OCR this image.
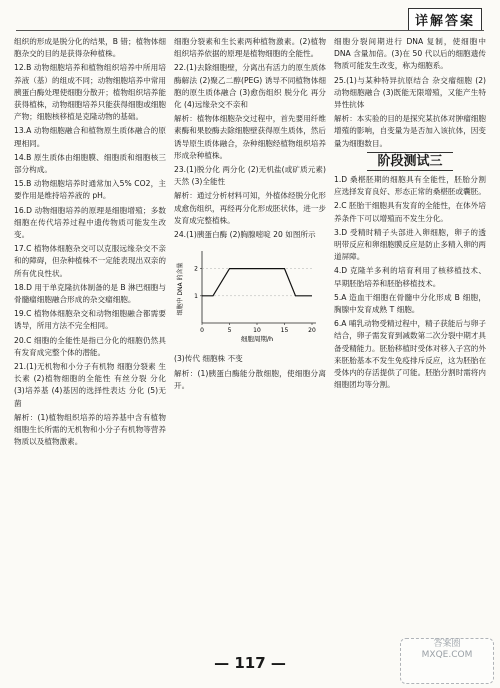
详解答案

组织的形成是脱分化的结果，B 错；植物体细胞杂交的目的是获得杂种植株。

12.B 动物细胞培养和植物组织培养中所用培养液（基）的组成不同；动物细胞培养中常用胰蛋白酶处理使细胞分散开；植物组织培养能获得植株，动物细胞培养只能获得细胞或细胞产物；细胞核移植是克隆动物的基础。

13.A 动物细胞融合和植物原生质体融合的原理相同。

14.B 原生质体由细胞膜、细胞质和细胞核三部分构成。

15.B 动物细胞培养时通常加入5% CO2，主要作用是维持培养液的 pH。

16.D 动物细胞培养的原理是细胞增殖；多数细胞在传代培养过程中遗传物质可能发生改变。

17.C 植物体细胞杂交可以克服远缘杂交不亲和的障碍，但杂种植株不一定能表现出双亲的所有优良性状。

18.D 用于单克隆抗体制备的是 B 淋巴细胞与骨髓瘤细胞融合形成的杂交瘤细胞。

19.C 植物体细胞杂交和动物细胞融合都需要诱导，所用方法不完全相同。

20.C 细胞的全能性是指已分化的细胞仍然具有发育成完整个体的潜能。

21.(1)无机物和小分子有机物 细胞分裂素 生长素 (2)植物细胞的全能性 有丝分裂 分化 (3)培养基 (4)基因的选择性表达 分化 (5)无菌

解析：(1)植物组织培养的培养基中含有植物细胞生长所需的无机物和小分子有机物等营养物质以及植物激素。

细胞分裂素和生长素两种植物激素。(2)植物组织培养依据的原理是植物细胞的全能性。

22.(1)去除细胞壁，分离出有活力的原生质体 酶解法 (2)聚乙二醇(PEG) 诱导不同植物体细胞的原生质体融合 (3)愈伤组织 脱分化 再分化 (4)远缘杂交不亲和

解析：植物体细胞杂交过程中，首先要用纤维素酶和果胶酶去除细胞壁获得原生质体，然后诱导原生质体融合，杂种细胞经植物组织培养形成杂种植株。

23.(1)脱分化 两分化 (2)无机盐(或矿质元素) 天然 (3)全能性

解析：通过分析材料可知，外植体经脱分化形成愈伤组织，再经再分化形成胚状体，进一步发育成完整植株。

24.(1)胰蛋白酶 (2)胸腺嘧啶 20 如图所示

0	5	10	15	20
1
2
细胞周期/h
细胞中 DNA 的含量

(3)传代 细胞株 不变

解析：(1)胰蛋白酶能分散细胞，使细胞分离开。

细胞分裂间期进行 DNA 复制，使细胞中 DNA 含量加倍。(3)在 50 代以后的细胞遗传物质可能发生改变，称为细胞系。

25.(1)与某种特异抗原结合 杂交瘤细胞 (2)动物细胞融合 (3)既能无限增殖，又能产生特异性抗体

解析：本实验的目的是探究某抗体对肿瘤细胞增殖的影响，自变量为是否加入该抗体，因变量为细胞数目。

阶段测试三

1.D 桑椹胚期的细胞具有全能性，胚胎分割应选择发育良好、形态正常的桑椹胚或囊胚。

2.C 胚胎干细胞具有发育的全能性，在体外培养条件下可以增殖而不发生分化。

3.D 受精时精子头部进入卵细胞，卵子的透明带反应和卵细胞膜反应是防止多精入卵的两道屏障。

4.D 克隆羊多利的培育利用了核移植技术、早期胚胎培养和胚胎移植技术。

5.A 造血干细胞在骨髓中分化形成 B 细胞，胸腺中发育成熟 T 细胞。

6.A 哺乳动物受精过程中，精子获能后与卵子结合，卵子需发育到减数第二次分裂中期才具备受精能力。胚胎移植时受体对移入子宫的外来胚胎基本不发生免疫排斥反应，这为胚胎在受体内的存活提供了可能。胚胎分割时需将内细胞团均等分割。

— 117 —
答案圈
MXQE.COM
